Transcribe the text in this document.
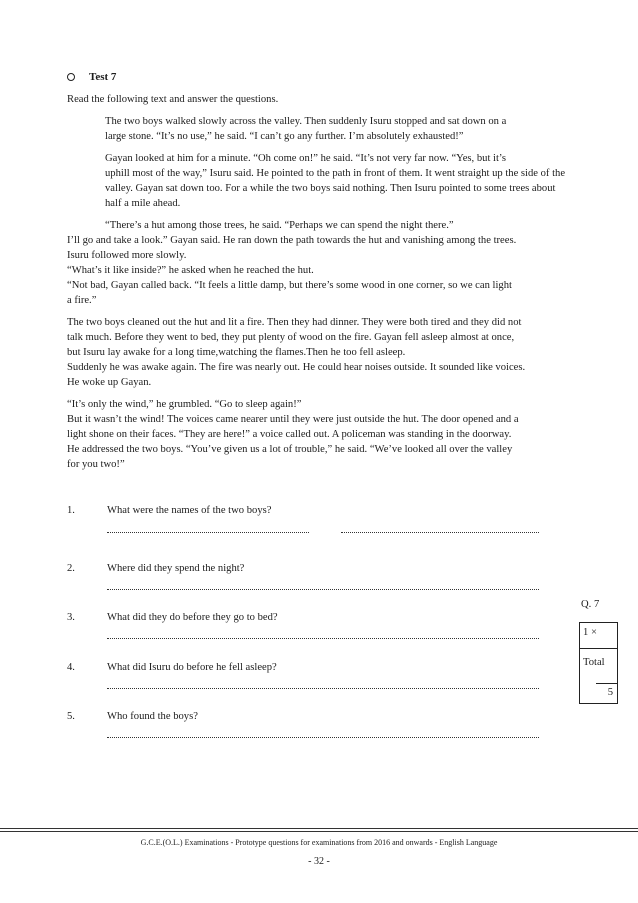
Test 7

Read the following text and answer the questions.

The two boys walked slowly across the valley. Then suddenly Isuru stopped and sat down on a
large stone. “It’s no use,” he said. “I can’t go any further. I’m absolutely exhausted!”

Gayan looked at him for a minute. “Oh come on!” he said. “It’s not very far now. “Yes, but it’s
uphill most of the way,” Isuru said. He pointed to the path in front of them. It went straight up the side of the
valley. Gayan sat down too. For a while the two boys said nothing. Then Isuru pointed to some trees about
half a mile ahead.

“There’s a hut among those trees, he said. “Perhaps we can spend the night there.”
I’ll go and take a look.” Gayan said. He ran down the path towards the hut and vanishing among the trees.
Isuru followed more slowly.
“What’s it like inside?” he asked when he reached the hut.
“Not bad, Gayan called back. “It feels a little damp, but there’s some wood in one corner, so we can light
a fire.”

The two boys cleaned out the hut and lit a fire. Then they had dinner. They were both tired and they did not
talk much. Before they went to bed, they put plenty of wood on the fire. Gayan fell asleep almost at once,
but Isuru lay awake for a long time,watching the flames.Then he too fell asleep.
Suddenly he was awake again. The fire was nearly out. He could hear noises outside. It sounded like voices.
He woke up Gayan.

“It’s only the wind,” he grumbled. “Go to sleep again!”
But it wasn’t the wind! The voices came nearer until they were just outside the hut. The door opened and a
light shone on their faces. “They are here!” a voice called out. A policeman was standing in the doorway.
He addressed the two boys. “You’ve given us a lot of trouble,” he said. “We’ve looked all over the valley
for you two!”

1.	What were the names of the two boys?
2.	Where did they spend the night?
3.	What did they do before they go to bed?
4.	What did Isuru do before he fell asleep?
5.	Who found the boys?
Q. 7
1 ×
Total
5
G.C.E.(O.L.) Examinations - Prototype questions for examinations from 2016 and onwards - English Language
- 32 -
